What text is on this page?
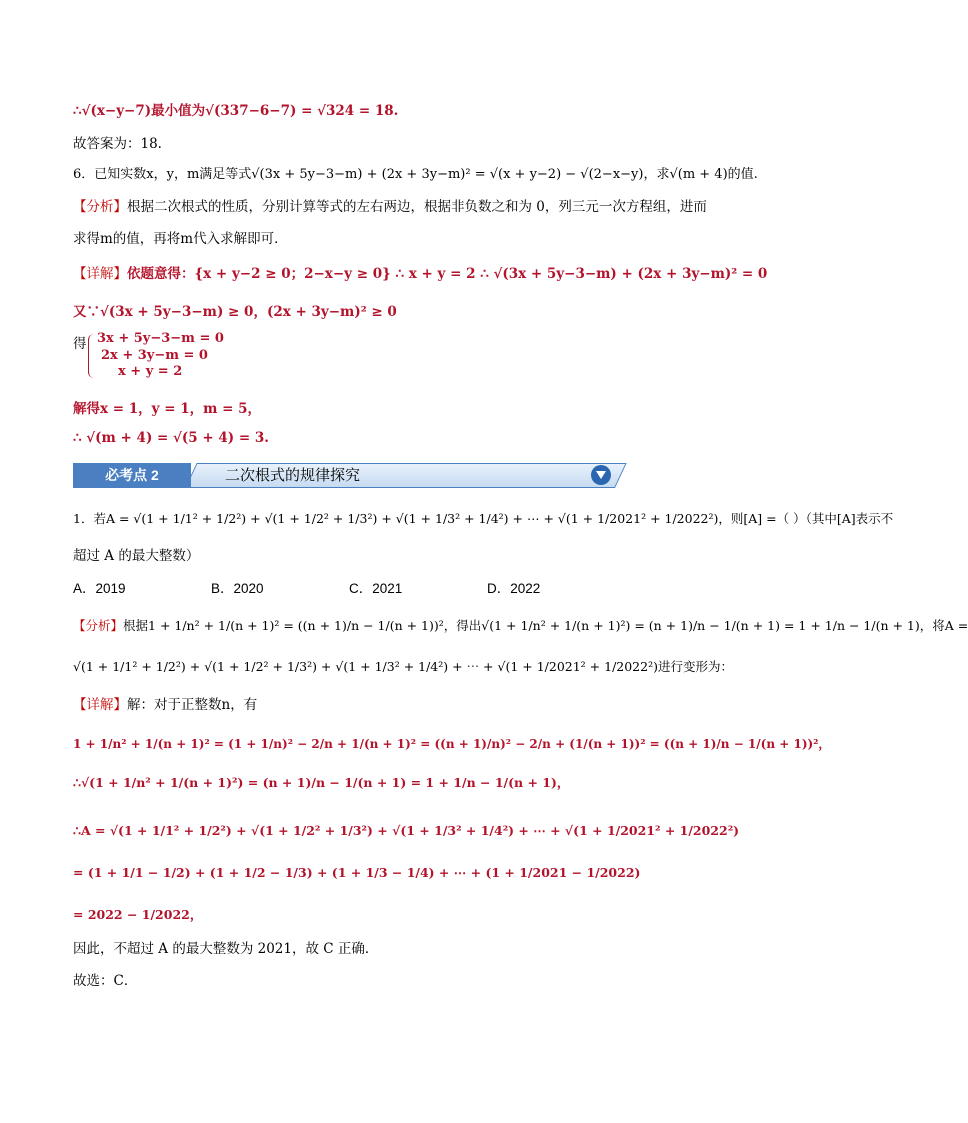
∴√(x−y−7)最小值为√(337−6−7) = √324 = 18.
故答案为：18.
6．已知实数x，y，m满足等式√(3x + 5y−3−m) + (2x + 3y−m)² = √(x + y−2) − √(2−x−y)，求√(m + 4)的值.
【分析】根据二次根式的性质，分别计算等式的左右两边，根据非负数之和为 0，列三元一次方程组，进而
求得m的值，再将m代入求解即可．
【详解】依题意得：{x + y−2 ≥ 0；2−x−y ≥ 0} ∴ x + y = 2 ∴ √(3x + 5y−3−m) + (2x + 3y−m)² = 0
又∵√(3x + 5y−3−m) ≥ 0，(2x + 3y−m)² ≥ 0
得 3x + 5y−3−m = 0
2x + 3y−m = 0
x + y = 2
解得x = 1，y = 1，m = 5，
∴ √(m + 4) = √(5 + 4) = 3.
必考点 2	二次根式的规律探究
1．若A = √(1 + 1/1² + 1/2²) + √(1 + 1/2² + 1/3²) + √(1 + 1/3² + 1/4²) + ⋯ + √(1 + 1/2021² + 1/2022²)，则[A] =（ ）（其中[A]表示不
超过 A 的最大整数）
A．2019	B．2020	C．2021	D．2022
【分析】根据1 + 1/n² + 1/(n + 1)² = ((n + 1)/n − 1/(n + 1))²，得出√(1 + 1/n² + 1/(n + 1)²) = (n + 1)/n − 1/(n + 1) = 1 + 1/n − 1/(n + 1)，将A =
√(1 + 1/1² + 1/2²) + √(1 + 1/2² + 1/3²) + √(1 + 1/3² + 1/4²) + ⋯ + √(1 + 1/2021² + 1/2022²)进行变形为：
【详解】解：对于正整数n，有
1 + 1/n² + 1/(n + 1)² = (1 + 1/n)² − 2/n + 1/(n + 1)² = ((n + 1)/n)² − 2/n + (1/(n + 1))² = ((n + 1)/n − 1/(n + 1))²，
∴√(1 + 1/n² + 1/(n + 1)²) = (n + 1)/n − 1/(n + 1) = 1 + 1/n − 1/(n + 1)，
∴A = √(1 + 1/1² + 1/2²) + √(1 + 1/2² + 1/3²) + √(1 + 1/3² + 1/4²) + ⋯ + √(1 + 1/2021² + 1/2022²)
= (1 + 1/1 − 1/2) + (1 + 1/2 − 1/3) + (1 + 1/3 − 1/4) + ⋯ + (1 + 1/2021 − 1/2022)
= 2022 − 1/2022，
因此，不超过 A 的最大整数为 2021，故 C 正确．
故选：C．
